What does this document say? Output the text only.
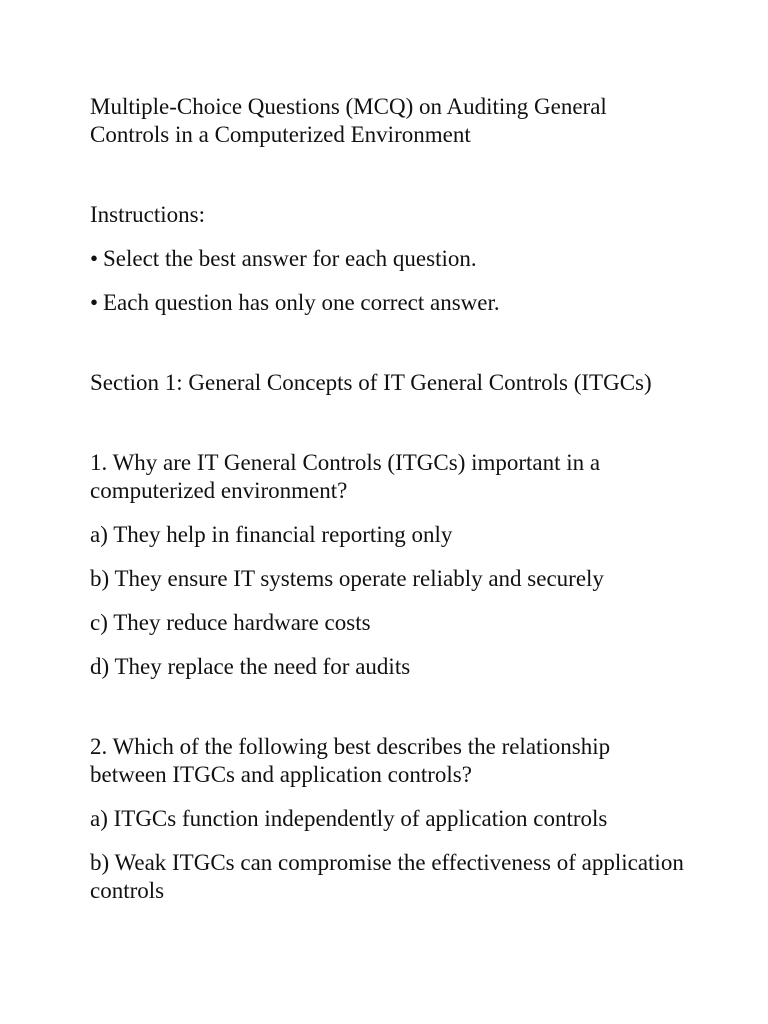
Multiple-Choice Questions (MCQ) on Auditing General Controls in a Computerized Environment
Instructions:
• Select the best answer for each question.
• Each question has only one correct answer.
Section 1: General Concepts of IT General Controls (ITGCs)
1. Why are IT General Controls (ITGCs) important in a computerized environment?
a) They help in financial reporting only
b) They ensure IT systems operate reliably and securely
c) They reduce hardware costs
d) They replace the need for audits
2. Which of the following best describes the relationship between ITGCs and application controls?
a) ITGCs function independently of application controls
b) Weak ITGCs can compromise the effectiveness of application controls
